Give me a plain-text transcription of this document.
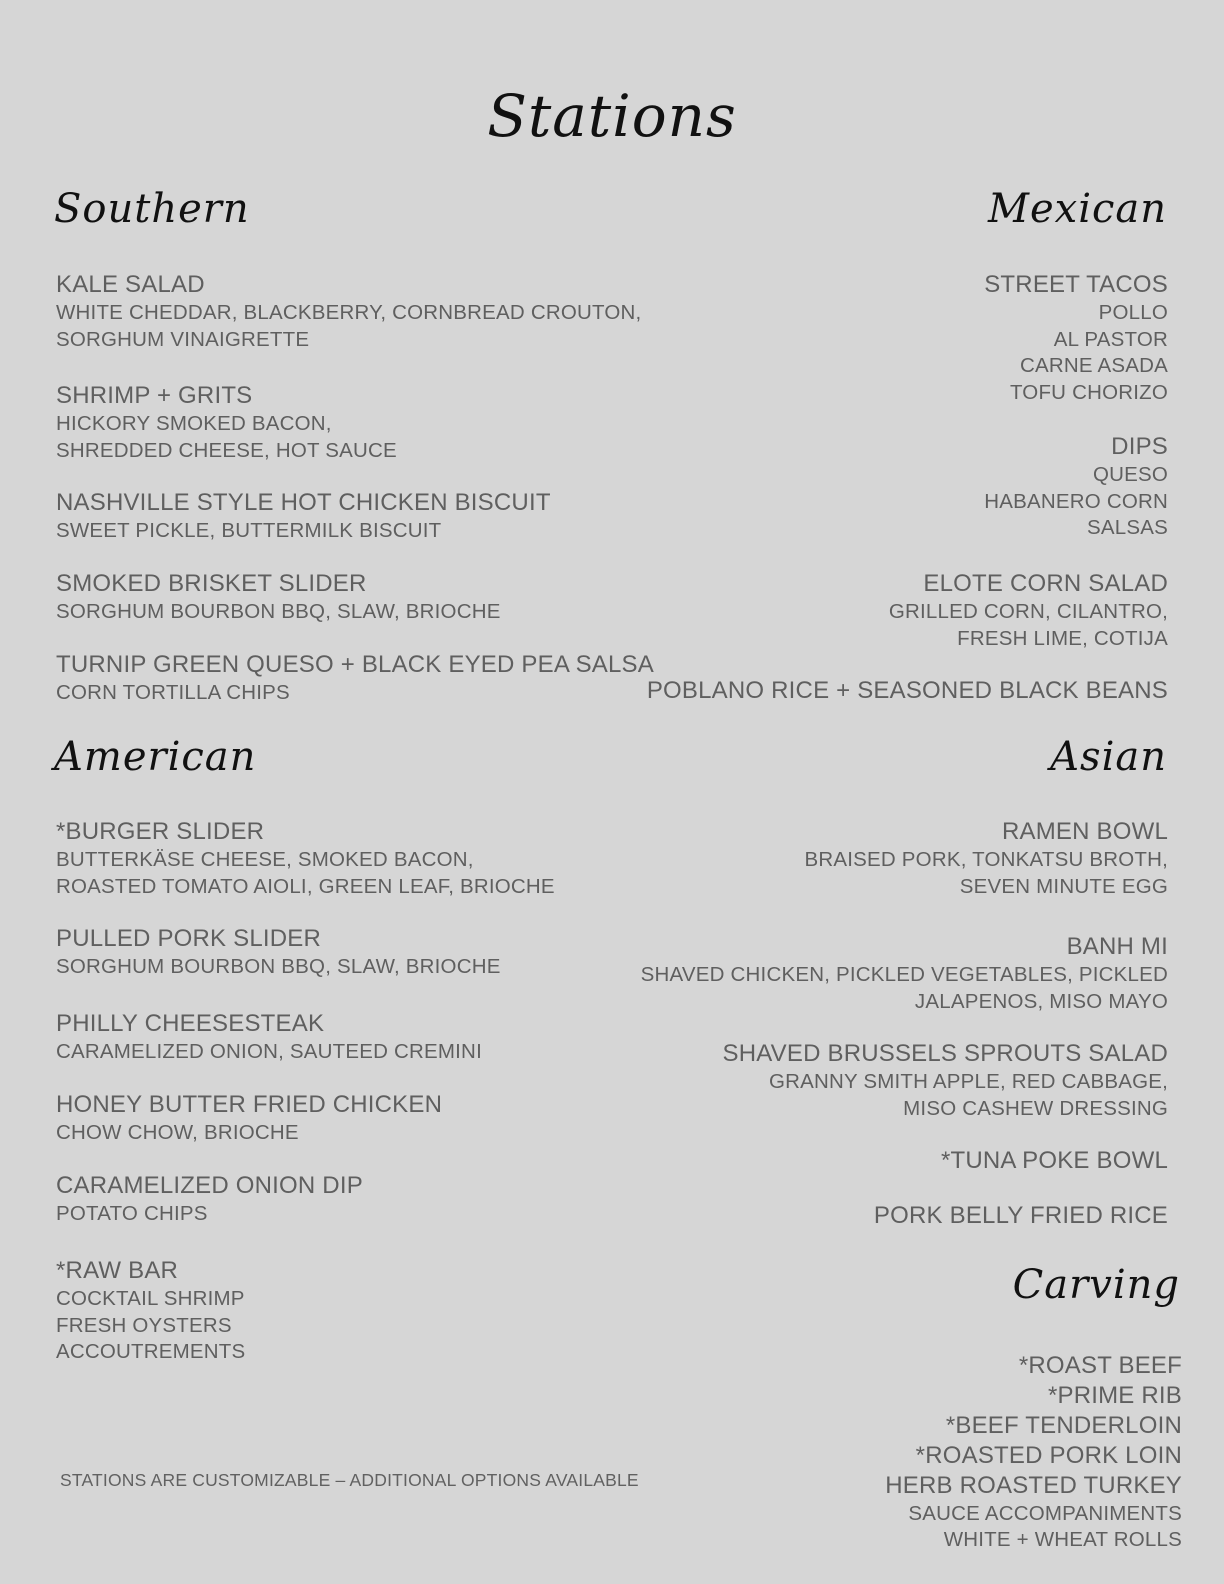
Stations
Southern
KALE SALAD
WHITE CHEDDAR, BLACKBERRY, CORNBREAD CROUTON,
SORGHUM VINAIGRETTE
SHRIMP + GRITS
HICKORY SMOKED BACON,
SHREDDED CHEESE, HOT SAUCE
NASHVILLE STYLE HOT CHICKEN BISCUIT
SWEET PICKLE, BUTTERMILK BISCUIT
SMOKED BRISKET SLIDER
SORGHUM BOURBON BBQ, SLAW, BRIOCHE
TURNIP GREEN QUESO + BLACK EYED PEA SALSA
CORN TORTILLA CHIPS
Mexican
STREET TACOS
POLLO
AL PASTOR
CARNE ASADA
TOFU CHORIZO
DIPS
QUESO
HABANERO CORN
SALSAS
ELOTE CORN SALAD
GRILLED CORN, CILANTRO,
FRESH LIME, COTIJA
POBLANO RICE + SEASONED BLACK BEANS
American
*BURGER SLIDER
BUTTERKÄSE CHEESE, SMOKED BACON,
ROASTED TOMATO AIOLI, GREEN LEAF, BRIOCHE
PULLED PORK SLIDER
SORGHUM BOURBON BBQ, SLAW, BRIOCHE
PHILLY CHEESESTEAK
CARAMELIZED ONION, SAUTEED CREMINI
HONEY BUTTER FRIED CHICKEN
CHOW CHOW, BRIOCHE
CARAMELIZED ONION DIP
POTATO CHIPS
*RAW BAR
COCKTAIL SHRIMP
FRESH OYSTERS
ACCOUTREMENTS
Asian
RAMEN BOWL
BRAISED PORK, TONKATSU BROTH,
SEVEN MINUTE EGG
BANH MI
SHAVED CHICKEN, PICKLED VEGETABLES, PICKLED
JALAPENOS, MISO MAYO
SHAVED BRUSSELS SPROUTS SALAD
GRANNY SMITH APPLE, RED CABBAGE,
MISO CASHEW DRESSING
*TUNA POKE BOWL
PORK BELLY FRIED RICE
Carving
*ROAST BEEF
*PRIME RIB
*BEEF TENDERLOIN
*ROASTED PORK LOIN
HERB ROASTED TURKEY
SAUCE ACCOMPANIMENTS
WHITE + WHEAT ROLLS
STATIONS ARE CUSTOMIZABLE – ADDITIONAL OPTIONS AVAILABLE
